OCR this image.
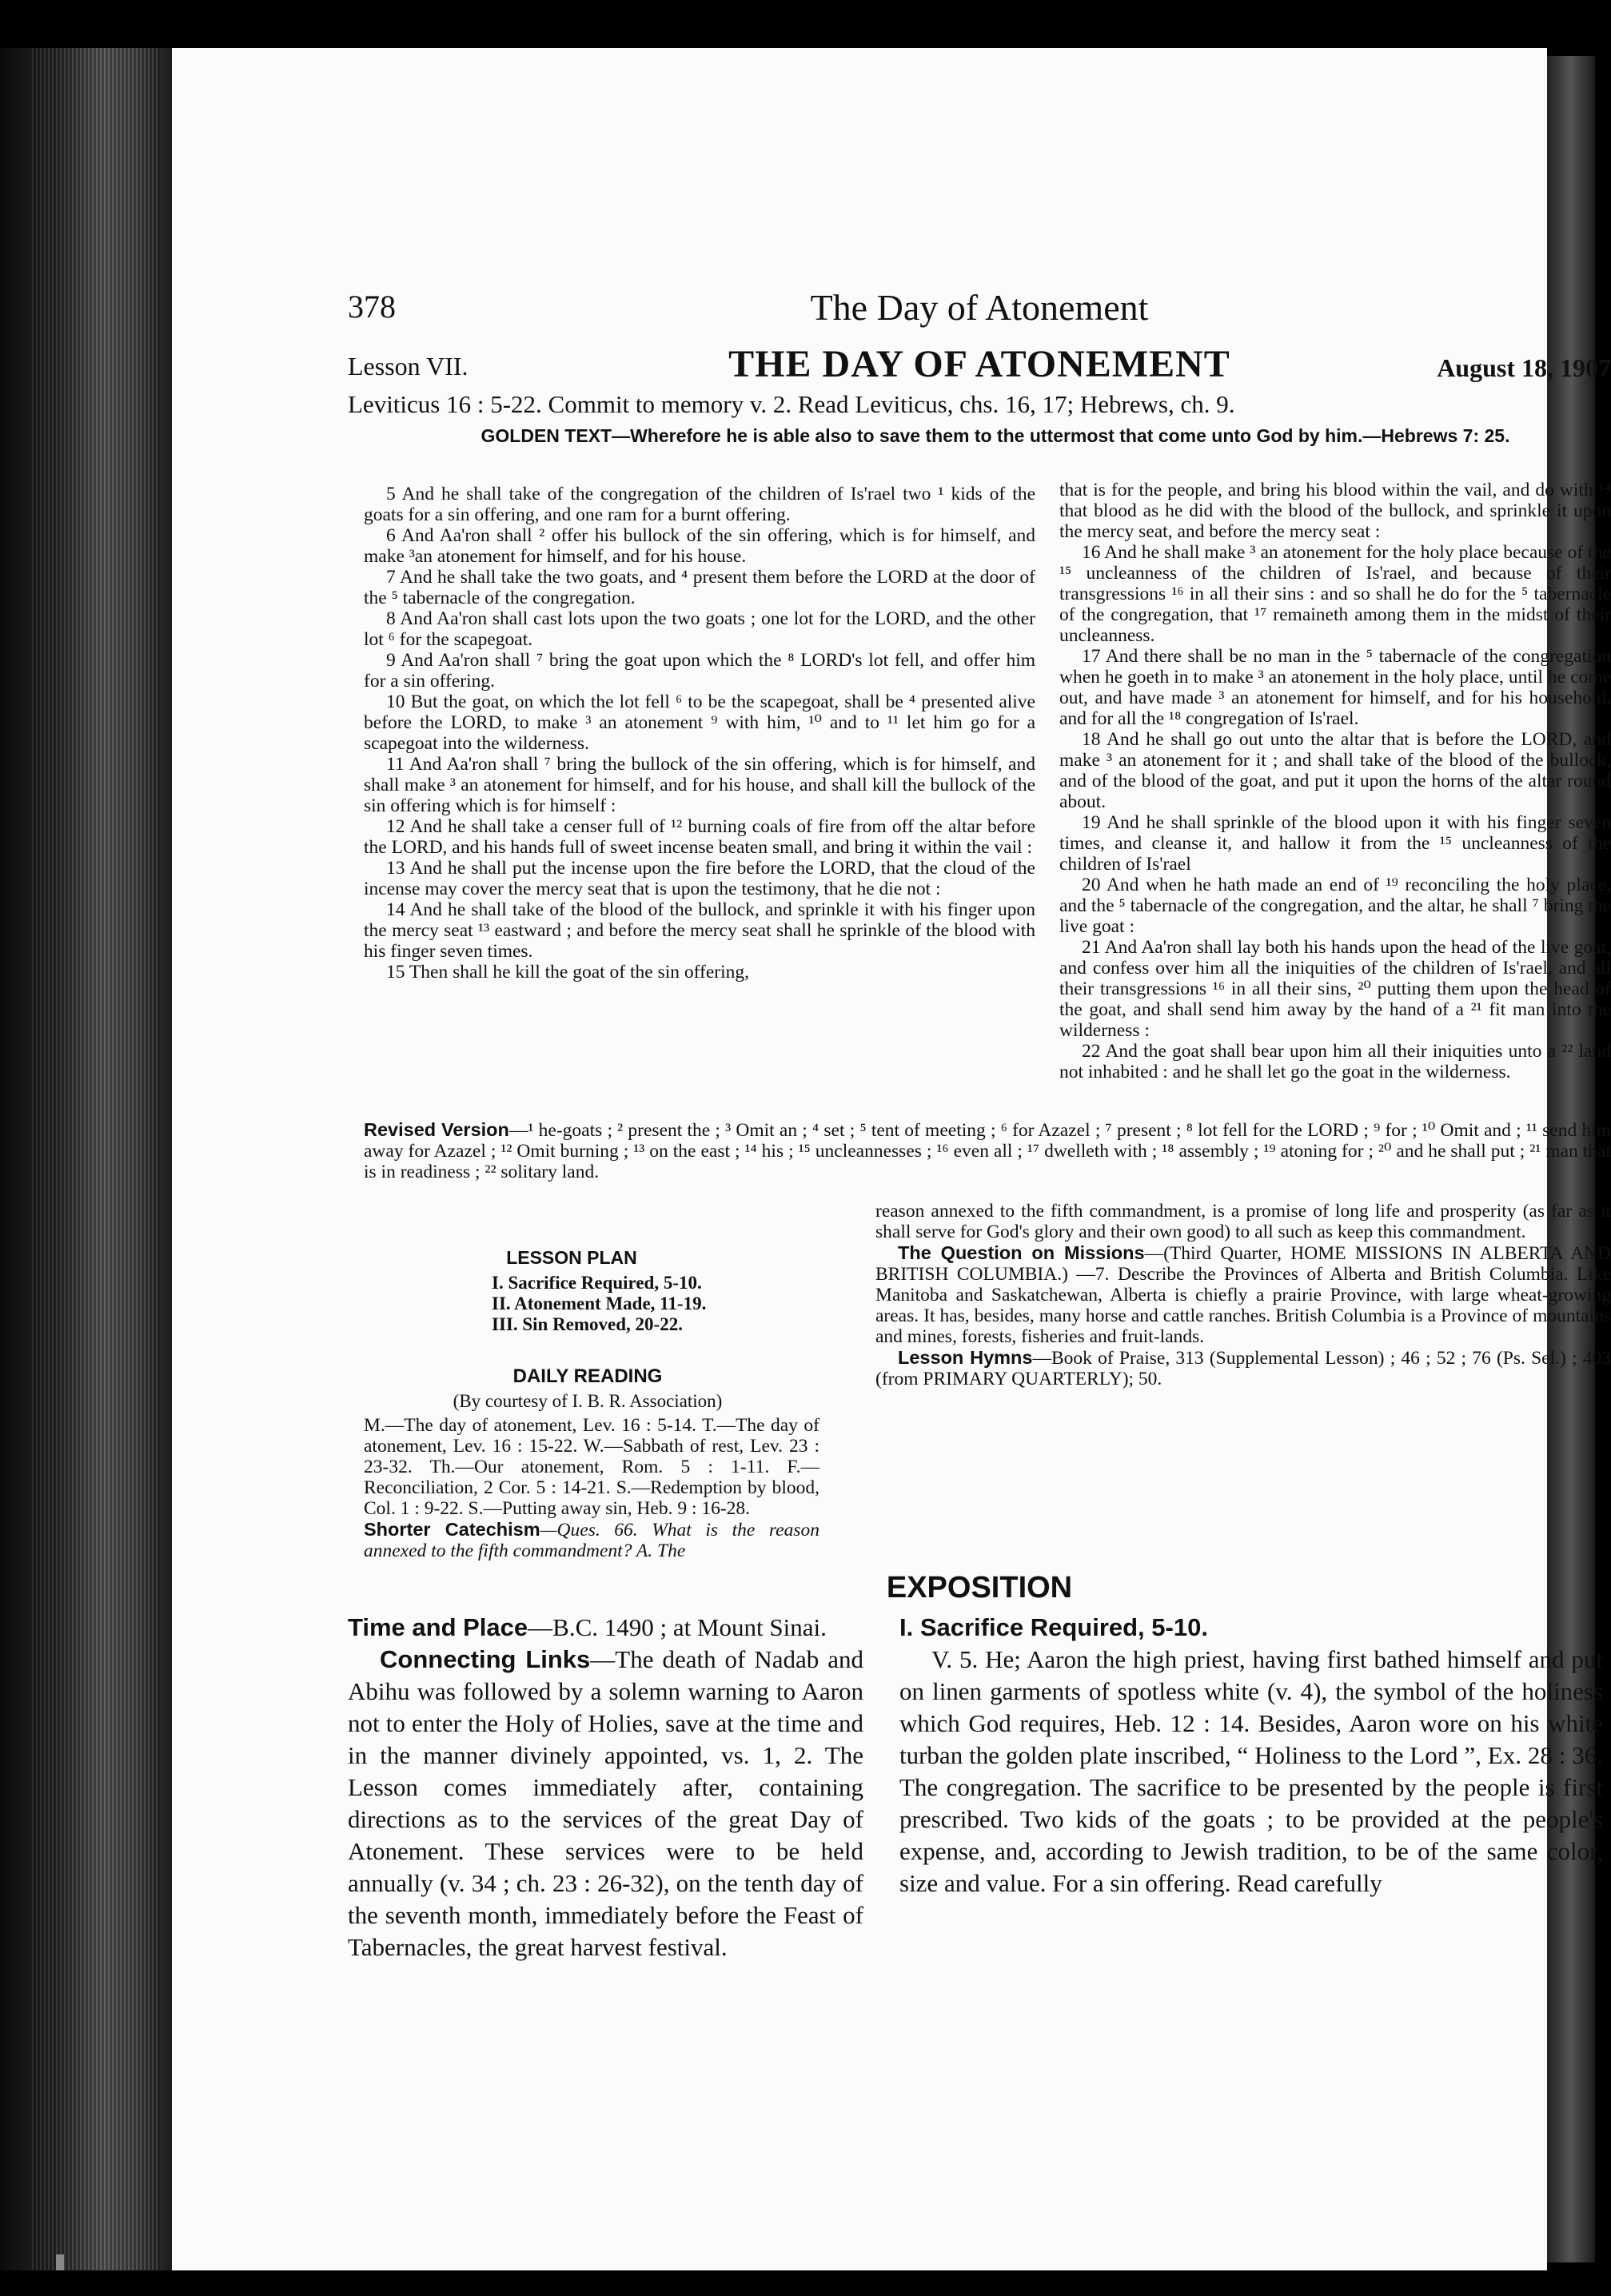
378	The Day of Atonement
Lesson VII.	THE DAY OF ATONEMENT	August 18, 1907
Leviticus 16 : 5-22. Commit to memory v. 2. Read Leviticus, chs. 16, 17; Hebrews, ch. 9.
GOLDEN TEXT—Wherefore he is able also to save them to the uttermost that come unto God by him.—Hebrews 7: 25.

5 And he shall take of the congregation of the children of Is'rael two ¹ kids of the goats for a sin offering, and one ram for a burnt offering.

6 And Aa'ron shall ² offer his bullock of the sin offering, which is for himself, and make ³an atonement for himself, and for his house.

7 And he shall take the two goats, and ⁴ present them before the LORD at the door of the ⁵ tabernacle of the congregation.

8 And Aa'ron shall cast lots upon the two goats ; one lot for the LORD, and the other lot ⁶ for the scapegoat.

9 And Aa'ron shall ⁷ bring the goat upon which the ⁸ LORD's lot fell, and offer him for a sin offering.

10 But the goat, on which the lot fell ⁶ to be the scapegoat, shall be ⁴ presented alive before the LORD, to make ³ an atonement ⁹ with him, ¹⁰ and to ¹¹ let him go for a scapegoat into the wilderness.

11 And Aa'ron shall ⁷ bring the bullock of the sin offering, which is for himself, and shall make ³ an atonement for himself, and for his house, and shall kill the bullock of the sin offering which is for himself :

12 And he shall take a censer full of ¹² burning coals of fire from off the altar before the LORD, and his hands full of sweet incense beaten small, and bring it within the vail :

13 And he shall put the incense upon the fire before the LORD, that the cloud of the incense may cover the mercy seat that is upon the testimony, that he die not :

14 And he shall take of the blood of the bullock, and sprinkle it with his finger upon the mercy seat ¹³ eastward ; and before the mercy seat shall he sprinkle of the blood with his finger seven times.

15 Then shall he kill the goat of the sin offering,

that is for the people, and bring his blood within the vail, and do with ¹⁴ that blood as he did with the blood of the bullock, and sprinkle it upon the mercy seat, and before the mercy seat :

16 And he shall make ³ an atonement for the holy place because of the ¹⁵ uncleanness of the children of Is'rael, and because of their transgressions ¹⁶ in all their sins : and so shall he do for the ⁵ tabernacle of the congregation, that ¹⁷ remaineth among them in the midst of their uncleanness.

17 And there shall be no man in the ⁵ tabernacle of the congregation when he goeth in to make ³ an atonement in the holy place, until he come out, and have made ³ an atonement for himself, and for his household, and for all the ¹⁸ congregation of Is'rael.

18 And he shall go out unto the altar that is before the LORD, and make ³ an atonement for it ; and shall take of the blood of the bullock, and of the blood of the goat, and put it upon the horns of the altar round about.

19 And he shall sprinkle of the blood upon it with his finger seven times, and cleanse it, and hallow it from the ¹⁵ uncleanness of the children of Is'rael

20 And when he hath made an end of ¹⁹ reconciling the holy place, and the ⁵ tabernacle of the congregation, and the altar, he shall ⁷ bring the live goat :

21 And Aa'ron shall lay both his hands upon the head of the live goat, and confess over him all the iniquities of the children of Is'rael, and all their transgressions ¹⁶ in all their sins, ²⁰ putting them upon the head of the goat, and shall send him away by the hand of a ²¹ fit man into the wilderness :

22 And the goat shall bear upon him all their iniquities unto a ²² land not inhabited : and he shall let go the goat in the wilderness.

Revised Version—¹ he-goats ; ² present the ; ³ Omit an ; ⁴ set ; ⁵ tent of meeting ; ⁶ for Azazel ; ⁷ present ; ⁸ lot fell for the LORD ; ⁹ for ; ¹⁰ Omit and ; ¹¹ send him away for Azazel ; ¹² Omit burning ; ¹³ on the east ; ¹⁴ his ; ¹⁵ uncleannesses ; ¹⁶ even all ; ¹⁷ dwelleth with ; ¹⁸ assembly ; ¹⁹ atoning for ; ²⁰ and he shall put ; ²¹ man that is in readiness ; ²² solitary land.
LESSON PLAN
I. Sacrifice Required, 5-10.
II. Atonement Made, 11-19.
III. Sin Removed, 20-22.
DAILY READING
(By courtesy of I. B. R. Association)

M.—The day of atonement, Lev. 16 : 5-14. T.—The day of atonement, Lev. 16 : 15-22. W.—Sabbath of rest, Lev. 23 : 23-32. Th.—Our atonement, Rom. 5 : 1-11. F.—Reconciliation, 2 Cor. 5 : 14-21. S.—Redemption by blood, Col. 1 : 9-22. S.—Putting away sin, Heb. 9 : 16-28.

Shorter Catechism—Ques. 66. What is the reason annexed to the fifth commandment? A. The

reason annexed to the fifth commandment, is a promise of long life and prosperity (as far as it shall serve for God's glory and their own good) to all such as keep this commandment.

The Question on Missions—(Third Quarter, HOME MISSIONS IN ALBERTA AND BRITISH COLUMBIA.) —7. Describe the Provinces of Alberta and British Columbia. Like Manitoba and Saskatchewan, Alberta is chiefly a prairie Province, with large wheat-growing areas. It has, besides, many horse and cattle ranches. British Columbia is a Province of mountains and mines, forests, fisheries and fruit-lands.

Lesson Hymns—Book of Praise, 313 (Supplemental Lesson) ; 46 ; 52 ; 76 (Ps. Sel.) ; 403 (from PRIMARY QUARTERLY); 50.

EXPOSITION

Time and Place—B.C. 1490 ; at Mount Sinai.

Connecting Links—The death of Nadab and Abihu was followed by a solemn warning to Aaron not to enter the Holy of Holies, save at the time and in the manner divinely appointed, vs. 1, 2. The Lesson comes immediately after, containing directions as to the services of the great Day of Atonement. These services were to be held annually (v. 34 ; ch. 23 : 26-32), on the tenth day of the seventh month, immediately before the Feast of Tabernacles, the great harvest festival.

I. Sacrifice Required, 5-10.

V. 5. He; Aaron the high priest, having first bathed himself and put on linen garments of spotless white (v. 4), the symbol of the holiness which God requires, Heb. 12 : 14. Besides, Aaron wore on his white turban the golden plate inscribed, “ Holiness to the Lord ”, Ex. 28 : 36. The congregation. The sacrifice to be presented by the people is first prescribed. Two kids of the goats ; to be provided at the people's expense, and, according to Jewish tradition, to be of the same color, size and value. For a sin offering. Read carefully
